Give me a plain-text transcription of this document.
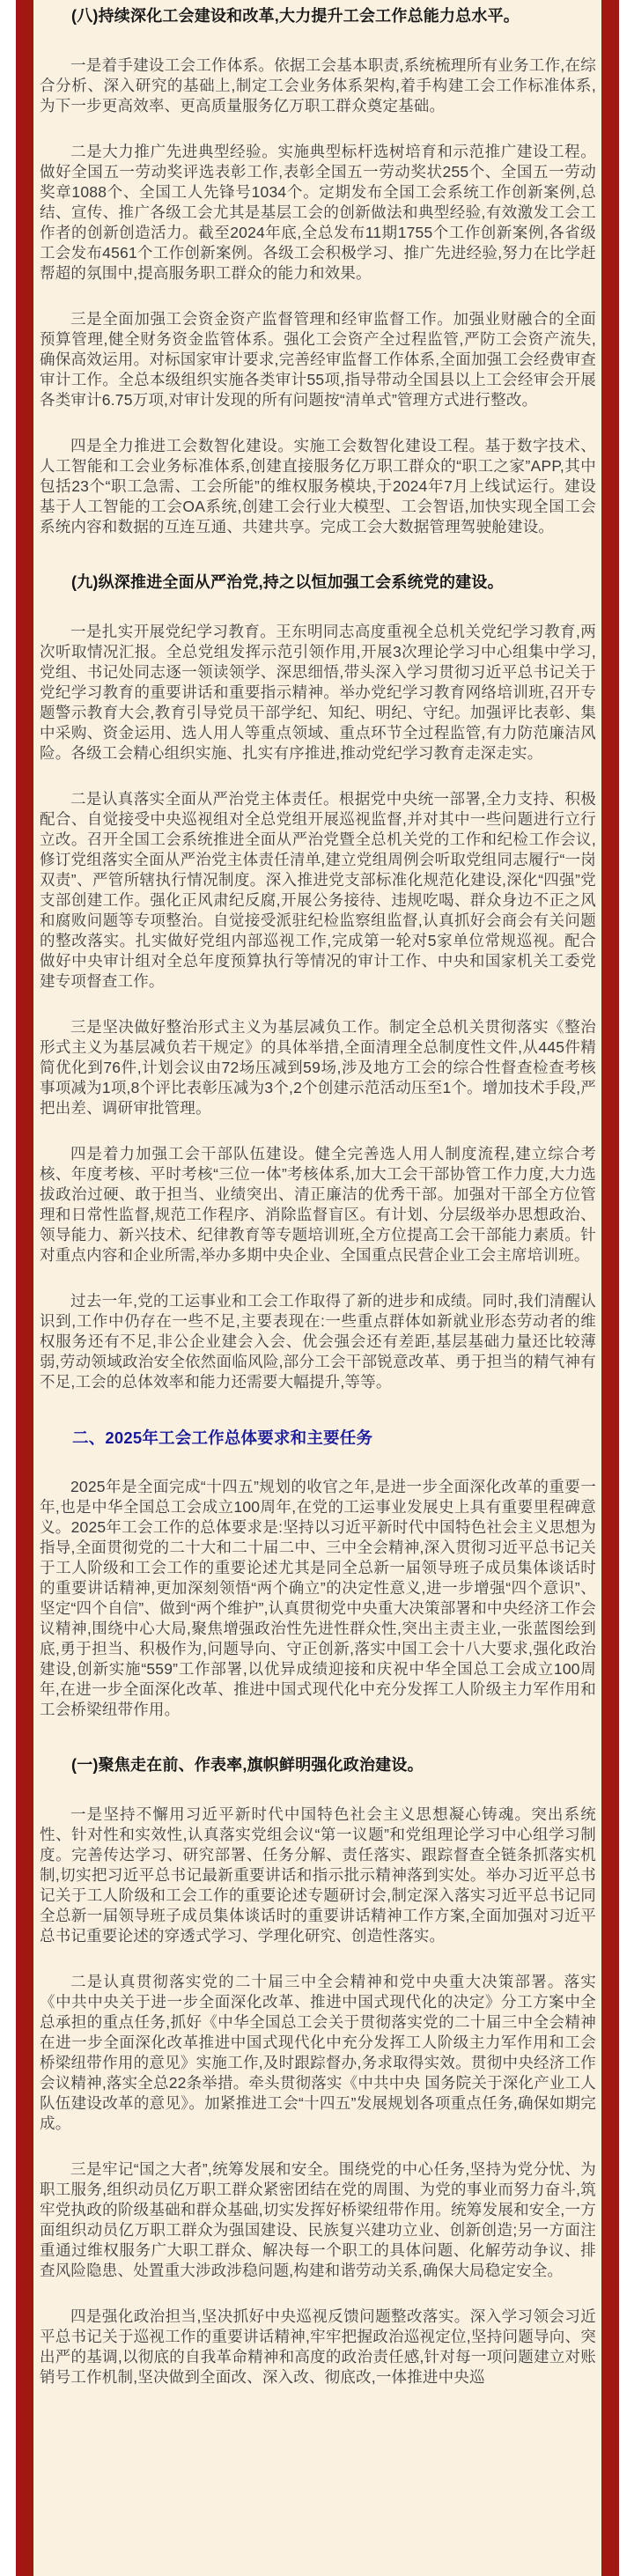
(八)持续深化工会建设和改革,大力提升工会工作总能力总水平。

一是着手建设工会工作体系。依据工会基本职责,系统梳理所有业务工作,在综合分析、深入研究的基础上,制定工会业务体系架构,着手构建工会工作标准体系,为下一步更高效率、更高质量服务亿万职工群众奠定基础。

二是大力推广先进典型经验。实施典型标杆选树培育和示范推广建设工程。做好全国五一劳动奖评选表彰工作,表彰全国五一劳动奖状255个、全国五一劳动奖章1088个、全国工人先锋号1034个。定期发布全国工会系统工作创新案例,总结、宣传、推广各级工会尤其是基层工会的创新做法和典型经验,有效激发工会工作者的创新创造活力。截至2024年底,全总发布11期1755个工作创新案例,各省级工会发布4561个工作创新案例。各级工会积极学习、推广先进经验,努力在比学赶帮超的氛围中,提高服务职工群众的能力和效果。

三是全面加强工会资金资产监督管理和经审监督工作。加强业财融合的全面预算管理,健全财务资金监管体系。强化工会资产全过程监管,严防工会资产流失,确保高效运用。对标国家审计要求,完善经审监督工作体系,全面加强工会经费审查审计工作。全总本级组织实施各类审计55项,指导带动全国县以上工会经审会开展各类审计6.75万项,对审计发现的所有问题按“清单式”管理方式进行整改。

四是全力推进工会数智化建设。实施工会数智化建设工程。基于数字技术、人工智能和工会业务标准体系,创建直接服务亿万职工群众的“职工之家”APP,其中包括23个“职工急需、工会所能”的维权服务模块,于2024年7月上线试运行。建设基于人工智能的工会OA系统,创建工会行业大模型、工会智语,加快实现全国工会系统内容和数据的互连互通、共建共享。完成工会大数据管理驾驶舱建设。

(九)纵深推进全面从严治党,持之以恒加强工会系统党的建设。

一是扎实开展党纪学习教育。王东明同志高度重视全总机关党纪学习教育,两次听取情况汇报。全总党组发挥示范引领作用,开展3次理论学习中心组集中学习,党组、书记处同志逐一领读领学、深思细悟,带头深入学习贯彻习近平总书记关于党纪学习教育的重要讲话和重要指示精神。举办党纪学习教育网络培训班,召开专题警示教育大会,教育引导党员干部学纪、知纪、明纪、守纪。加强评比表彰、集中采购、资金运用、选人用人等重点领域、重点环节全过程监管,有力防范廉洁风险。各级工会精心组织实施、扎实有序推进,推动党纪学习教育走深走实。

二是认真落实全面从严治党主体责任。根据党中央统一部署,全力支持、积极配合、自觉接受中央巡视组对全总党组开展巡视监督,并对其中一些问题进行立行立改。召开全国工会系统推进全面从严治党暨全总机关党的工作和纪检工作会议,修订党组落实全面从严治党主体责任清单,建立党组周例会听取党组同志履行“一岗双责”、严管所辖执行情况制度。深入推进党支部标准化规范化建设,深化“四强”党支部创建工作。强化正风肃纪反腐,开展公务接待、违规吃喝、群众身边不正之风和腐败问题等专项整治。自觉接受派驻纪检监察组监督,认真抓好会商会有关问题的整改落实。扎实做好党组内部巡视工作,完成第一轮对5家单位常规巡视。配合做好中央审计组对全总年度预算执行等情况的审计工作、中央和国家机关工委党建专项督查工作。

三是坚决做好整治形式主义为基层减负工作。制定全总机关贯彻落实《整治形式主义为基层减负若干规定》的具体举措,全面清理全总制度性文件,从445件精简优化到76件,计划会议由72场压减到59场,涉及地方工会的综合性督查检查考核事项减为1项,8个评比表彰压减为3个,2个创建示范活动压至1个。增加技术手段,严把出差、调研审批管理。

四是着力加强工会干部队伍建设。健全完善选人用人制度流程,建立综合考核、年度考核、平时考核“三位一体”考核体系,加大工会干部协管工作力度,大力选拔政治过硬、敢于担当、业绩突出、清正廉洁的优秀干部。加强对干部全方位管理和日常性监督,规范工作程序、消除监督盲区。有计划、分层级举办思想政治、领导能力、新兴技术、纪律教育等专题培训班,全方位提高工会干部能力素质。针对重点内容和企业所需,举办多期中央企业、全国重点民营企业工会主席培训班。

过去一年,党的工运事业和工会工作取得了新的进步和成绩。同时,我们清醒认识到,工作中仍存在一些不足,主要表现在:一些重点群体如新就业形态劳动者的维权服务还有不足,非公企业建会入会、优会强会还有差距,基层基础力量还比较薄弱,劳动领域政治安全依然面临风险,部分工会干部锐意改革、勇于担当的精气神有不足,工会的总体效率和能力还需要大幅提升,等等。

二、2025年工会工作总体要求和主要任务

2025年是全面完成“十四五”规划的收官之年,是进一步全面深化改革的重要一年,也是中华全国总工会成立100周年,在党的工运事业发展史上具有重要里程碑意义。2025年工会工作的总体要求是:坚持以习近平新时代中国特色社会主义思想为指导,全面贯彻党的二十大和二十届二中、三中全会精神,深入贯彻习近平总书记关于工人阶级和工会工作的重要论述尤其是同全总新一届领导班子成员集体谈话时的重要讲话精神,更加深刻领悟“两个确立”的决定性意义,进一步增强“四个意识”、坚定“四个自信”、做到“两个维护”,认真贯彻党中央重大决策部署和中央经济工作会议精神,围绕中心大局,聚焦增强政治性先进性群众性,突出主责主业,一张蓝图绘到底,勇于担当、积极作为,问题导向、守正创新,落实中国工会十八大要求,强化政治建设,创新实施“559”工作部署,以优异成绩迎接和庆祝中华全国总工会成立100周年,在进一步全面深化改革、推进中国式现代化中充分发挥工人阶级主力军作用和工会桥梁纽带作用。

(一)聚焦走在前、作表率,旗帜鲜明强化政治建设。

一是坚持不懈用习近平新时代中国特色社会主义思想凝心铸魂。突出系统性、针对性和实效性,认真落实党组会议“第一议题”和党组理论学习中心组学习制度。完善传达学习、研究部署、任务分解、责任落实、跟踪督查全链条抓落实机制,切实把习近平总书记最新重要讲话和指示批示精神落到实处。举办习近平总书记关于工人阶级和工会工作的重要论述专题研讨会,制定深入落实习近平总书记同全总新一届领导班子成员集体谈话时的重要讲话精神工作方案,全面加强对习近平总书记重要论述的穿透式学习、学理化研究、创造性落实。

二是认真贯彻落实党的二十届三中全会精神和党中央重大决策部署。落实《中共中央关于进一步全面深化改革、推进中国式现代化的决定》分工方案中全总承担的重点任务,抓好《中华全国总工会关于贯彻落实党的二十届三中全会精神 在进一步全面深化改革推进中国式现代化中充分发挥工人阶级主力军作用和工会桥梁纽带作用的意见》实施工作,及时跟踪督办,务求取得实效。贯彻中央经济工作会议精神,落实全总22条举措。牵头贯彻落实《中共中央 国务院关于深化产业工人队伍建设改革的意见》。加紧推进工会“十四五”发展规划各项重点任务,确保如期完成。

三是牢记“国之大者”,统筹发展和安全。围绕党的中心任务,坚持为党分忧、为职工服务,组织动员亿万职工群众紧密团结在党的周围、为党的事业而努力奋斗,筑牢党执政的阶级基础和群众基础,切实发挥好桥梁纽带作用。统筹发展和安全,一方面组织动员亿万职工群众为强国建设、民族复兴建功立业、创新创造;另一方面注重通过维权服务广大职工群众、解决每一个职工的具体问题、化解劳动争议、排查风险隐患、处置重大涉政涉稳问题,构建和谐劳动关系,确保大局稳定安全。

四是强化政治担当,坚决抓好中央巡视反馈问题整改落实。深入学习领会习近平总书记关于巡视工作的重要讲话精神,牢牢把握政治巡视定位,坚持问题导向、突出严的基调,以彻底的自我革命精神和高度的政治责任感,针对每一项问题建立对账销号工作机制,坚决做到全面改、深入改、彻底改,一体推进中央巡
